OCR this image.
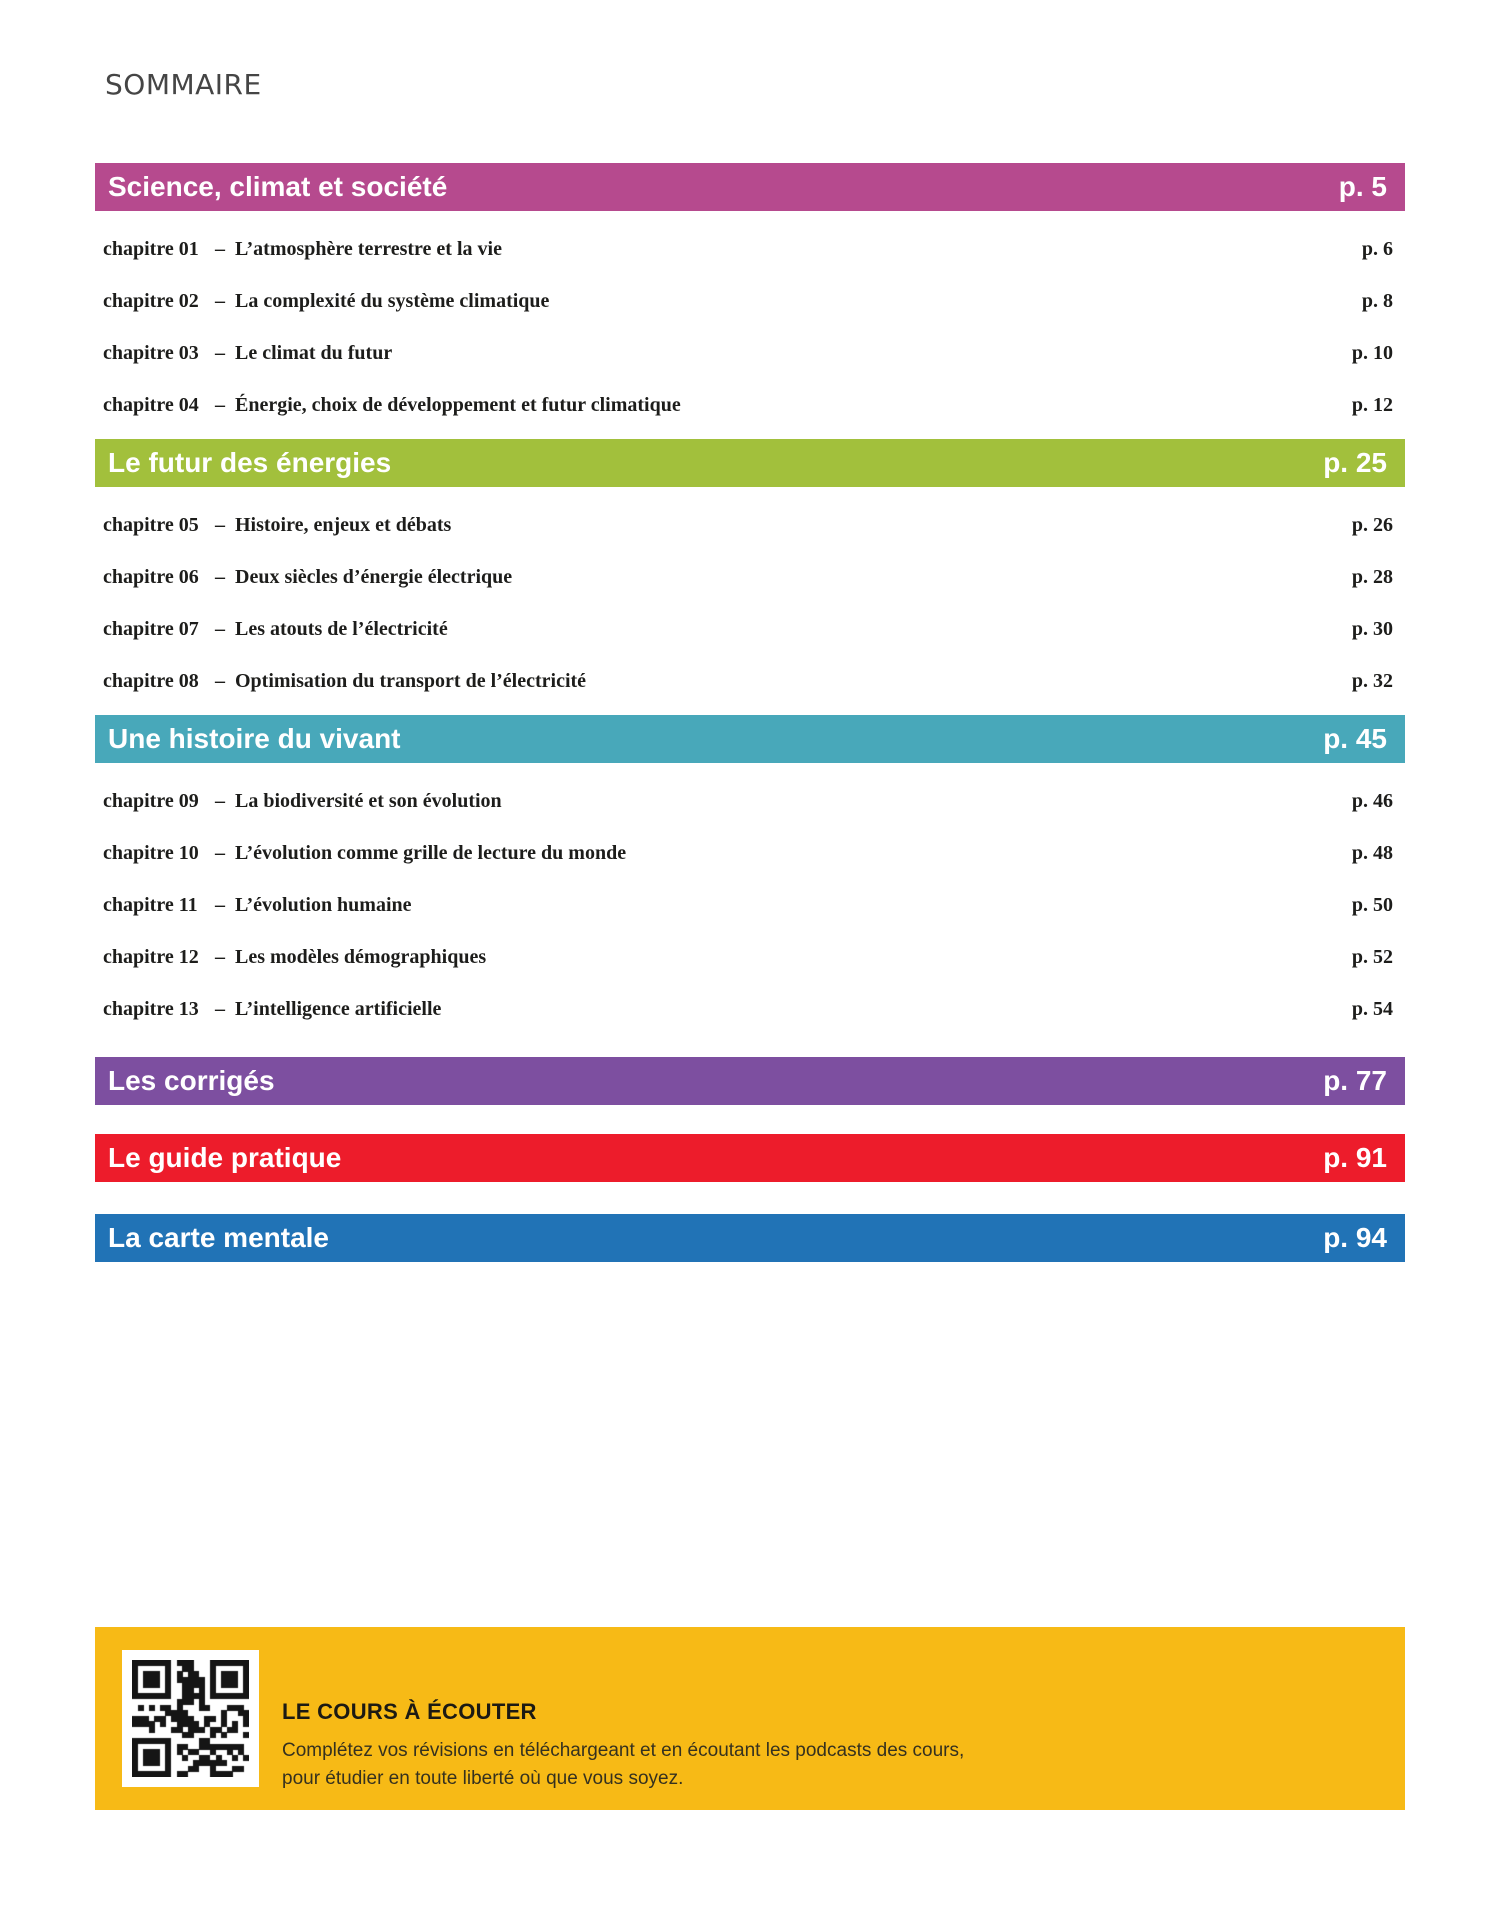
SOMMAIRE
Science, climat et société	p. 5
chapitre 01 – L’atmosphère terrestre et la vie	p. 6
chapitre 02 – La complexité du système climatique	p. 8
chapitre 03 – Le climat du futur	p. 10
chapitre 04 – Énergie, choix de développement et futur climatique	p. 12
Le futur des énergies	p. 25
chapitre 05 – Histoire, enjeux et débats	p. 26
chapitre 06 – Deux siècles d’énergie électrique	p. 28
chapitre 07 – Les atouts de l’électricité	p. 30
chapitre 08 – Optimisation du transport de l’électricité	p. 32
Une histoire du vivant	p. 45
chapitre 09 – La biodiversité et son évolution	p. 46
chapitre 10 – L’évolution comme grille de lecture du monde	p. 48
chapitre 11 – L’évolution humaine	p. 50
chapitre 12 – Les modèles démographiques	p. 52
chapitre 13 – L’intelligence artificielle	p. 54
Les corrigés	p. 77
Le guide pratique	p. 91
La carte mentale	p. 94
LE COURS À ÉCOUTER
Complétez vos révisions en téléchargeant et en écoutant les podcasts des cours,
pour étudier en toute liberté où que vous soyez.
